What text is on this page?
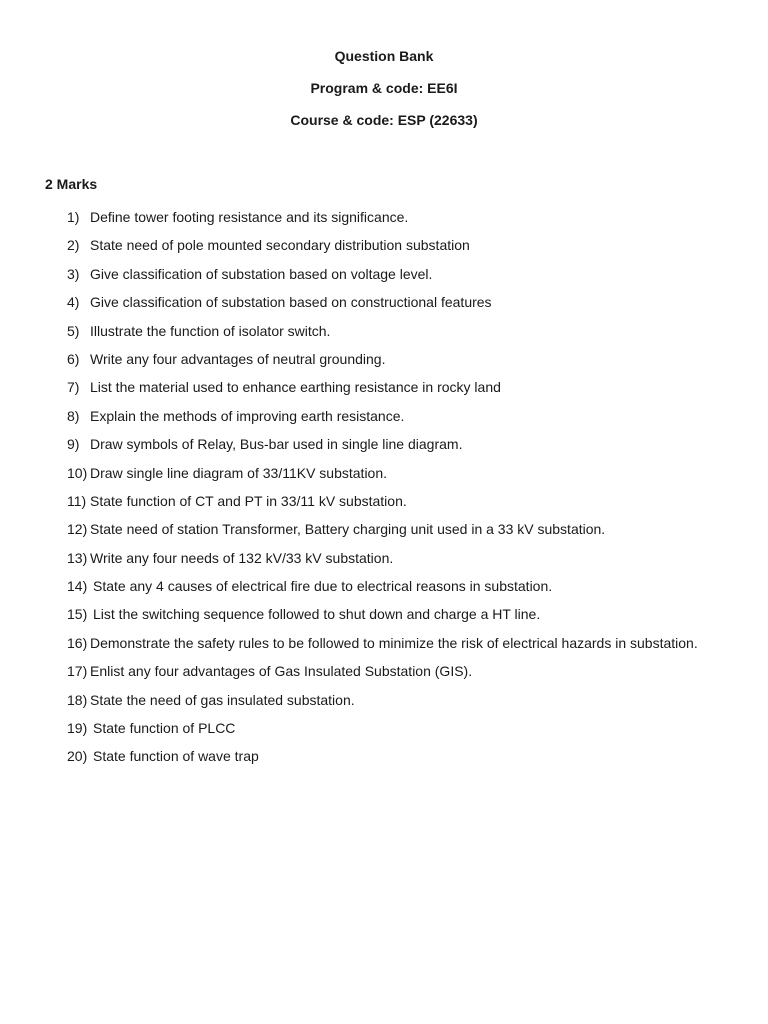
Question Bank
Program & code: EE6I
Course & code: ESP (22633)
2 Marks
1) Define tower footing resistance and its significance.
2) State need of pole mounted secondary distribution substation
3) Give classification of substation based on voltage level.
4) Give classification of substation based on constructional features
5) Illustrate the function of isolator switch.
6) Write any four advantages of neutral grounding.
7) List the material used to enhance earthing resistance in rocky land
8) Explain the methods of improving earth resistance.
9) Draw symbols of Relay, Bus-bar used in single line diagram.
10) Draw single line diagram of 33/11KV substation.
11) State function of CT and PT in 33/11 kV substation.
12) State need of station Transformer, Battery charging unit used in a 33 kV substation.
13) Write any four needs of 132 kV/33 kV substation.
14) State any 4 causes of electrical fire due to electrical reasons in substation.
15) List the switching sequence followed to shut down and charge a HT line.
16) Demonstrate the safety rules to be followed to minimize the risk of electrical hazards in substation.
17) Enlist any four advantages of Gas Insulated Substation (GIS).
18) State the need of gas insulated substation.
19) State function of PLCC
20) State function of wave trap
